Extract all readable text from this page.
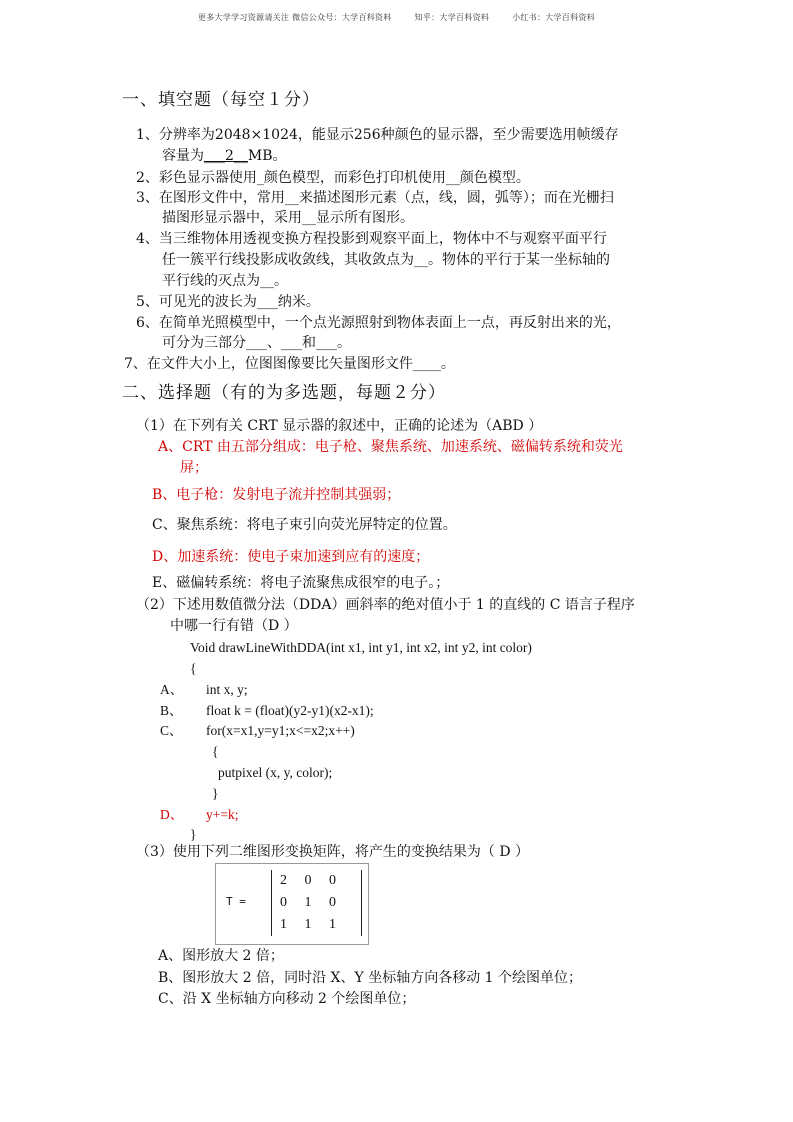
更多大学学习资源请关注 微信公众号：大学百科资料	知乎：大学百科资料	小红书：大学百科资料
一、填空题（每空１分）
1、分辨率为2048×1024，能显示256种颜色的显示器，至少需要选用帧缓存
容量为___2__MB。
2、彩色显示器使用_颜色模型，而彩色打印机使用__颜色模型。
3、在图形文件中，常用__来描述图形元素（点，线，圆，弧等）；而在光栅扫
描图形显示器中，采用__显示所有图形。
4、当三维物体用透视变换方程投影到观察平面上，物体中不与观察平面平行
任一簇平行线投影成收敛线，其收敛点为__。物体的平行于某一坐标轴的
平行线的灭点为__。
5、可见光的波长为___纳米。
6、在简单光照模型中，一个点光源照射到物体表面上一点，再反射出来的光，
可分为三部分___、___和___。
7、在文件大小上，位图图像要比矢量图形文件____。
二、选择题（有的为多选题，每题２分）
（1）在下列有关 CRT 显示器的叙述中，正确的论述为（ABD ）
A、CRT 由五部分组成：电子枪、聚焦系统、加速系统、磁偏转系统和荧光
屏；
B、电子枪：发射电子流并控制其强弱；
C、聚焦系统：将电子束引向荧光屏特定的位置。
D、加速系统：使电子束加速到应有的速度；
E、磁偏转系统：将电子流聚焦成很窄的电子。；
（2）下述用数值微分法（DDA）画斜率的绝对值小于 1 的直线的 C 语言子程序
中哪一行有错（D ）
Void drawLineWithDDA(int x1, int y1, int x2, int y2, int color)
{
A、 int x, y;
B、 float k = (float)(y2-y1)(x2-x1);
C、 for(x=x1,y=y1;x<=x2;x++)
{
putpixel (x, y, color);
}
D、 y+=k;
}
（3）使用下列二维图形变换矩阵，将产生的变换结果为（ D ）
T =
2 0 0
0 1 0
1 1 1
A、图形放大 2 倍；
B、图形放大 2 倍，同时沿 X、Y 坐标轴方向各移动 1 个绘图单位；
C、沿 X 坐标轴方向移动 2 个绘图单位；
